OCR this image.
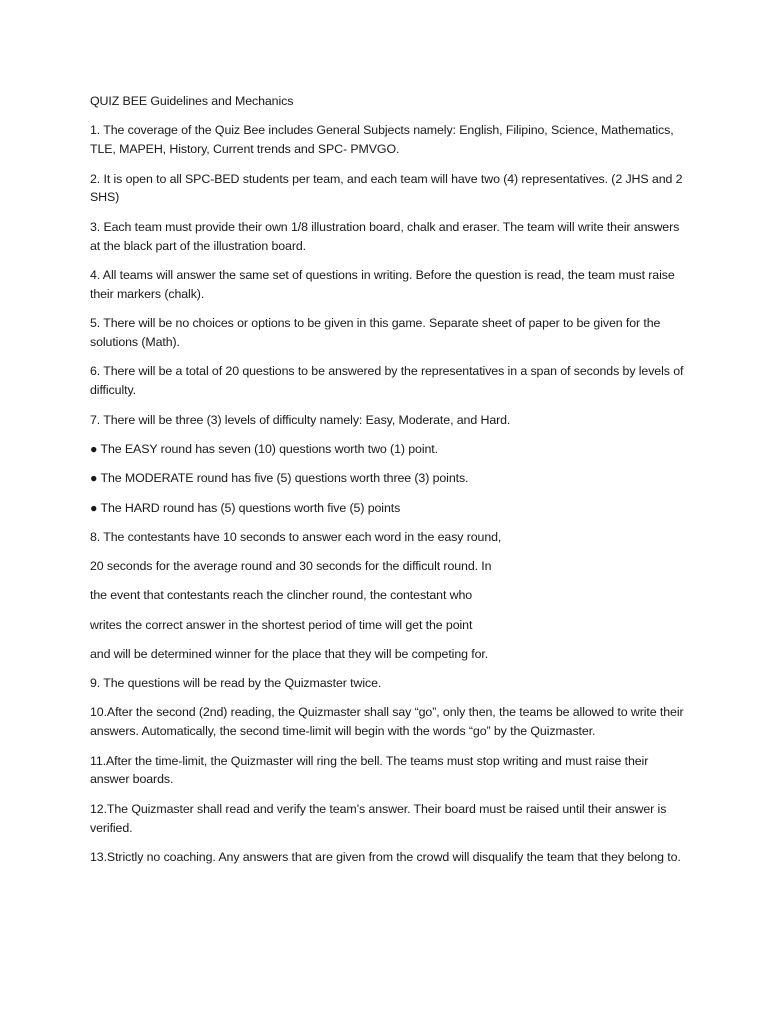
QUIZ BEE Guidelines and Mechanics

1. The coverage of the Quiz Bee includes General Subjects namely: English, Filipino, Science, Mathematics, TLE, MAPEH, History, Current trends and SPC- PMVGO.

2. It is open to all SPC-BED students per team, and each team will have two (4) representatives. (2 JHS and 2 SHS)

3. Each team must provide their own 1/8 illustration board, chalk and eraser. The team will write their answers at the black part of the illustration board.

4. All teams will answer the same set of questions in writing. Before the question is read, the team must raise their markers (chalk).

5. There will be no choices or options to be given in this game. Separate sheet of paper to be given for the solutions (Math).

6. There will be a total of 20 questions to be answered by the representatives in a span of seconds by levels of difficulty.

7. There will be three (3) levels of difficulty namely: Easy, Moderate, and Hard.

● The EASY round has seven (10) questions worth two (1) point.

● The MODERATE round has five (5) questions worth three (3) points.

● The HARD round has (5) questions worth five (5) points

8. The contestants have 10 seconds to answer each word in the easy round,

20 seconds for the average round and 30 seconds for the difficult round. In

the event that contestants reach the clincher round, the contestant who

writes the correct answer in the shortest period of time will get the point

and will be determined winner for the place that they will be competing for.

9. The questions will be read by the Quizmaster twice.

10.After the second (2nd) reading, the Quizmaster shall say “go”, only then, the teams be allowed to write their answers. Automatically, the second time-limit will begin with the words “go” by the Quizmaster.

11.After the time-limit, the Quizmaster will ring the bell. The teams must stop writing and must raise their answer boards.

12.The Quizmaster shall read and verify the team’s answer. Their board must be raised until their answer is verified.

13.Strictly no coaching. Any answers that are given from the crowd will disqualify the team that they belong to.
